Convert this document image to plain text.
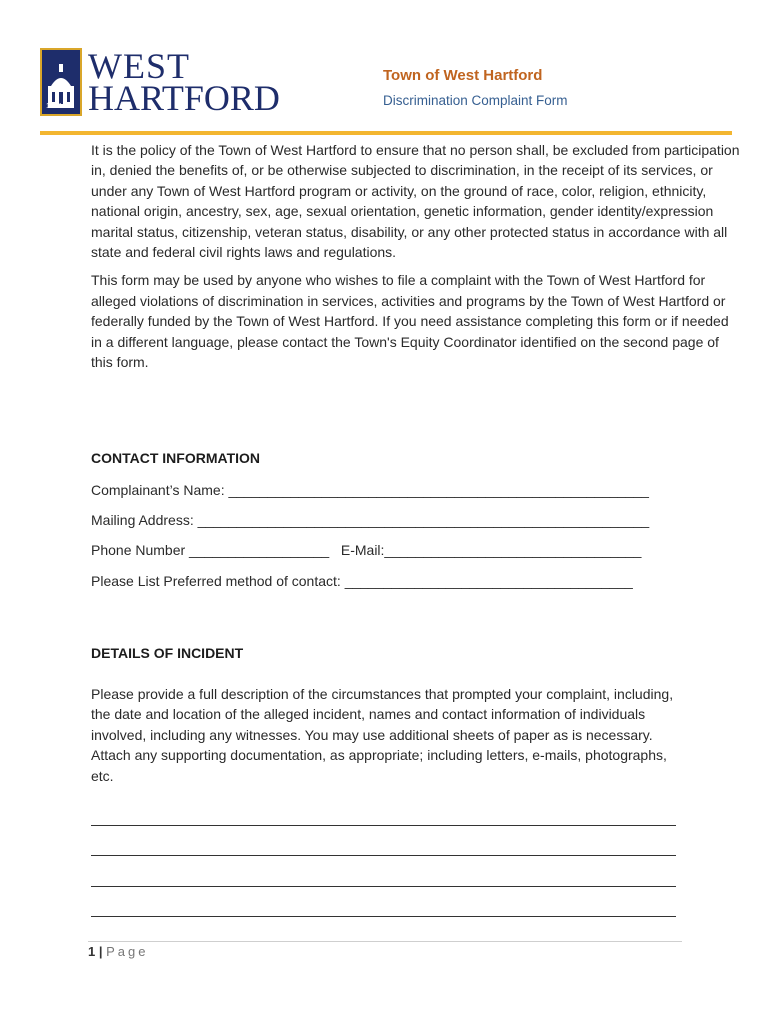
1854
WEST
HARTFORD
Town of West Hartford
Discrimination Complaint Form

It is the policy of the Town of West Hartford to ensure that no person shall, be excluded from participation in, denied the benefits of, or be otherwise subjected to discrimination, in the receipt of its services, or under any Town of West Hartford program or activity, on the ground of race, color, religion, ethnicity, national origin, ancestry, sex, age, sexual orientation, genetic information, gender identity/expression marital status, citizenship, veteran status, disability, or any other protected status in accordance with all state and federal civil rights laws and regulations.

This form may be used by anyone who wishes to file a complaint with the Town of West Hartford for alleged violations of discrimination in services, activities and programs by the Town of West Hartford or federally funded by the Town of West Hartford. If you need assistance completing this form or if needed in a different language, please contact the Town's Equity Coordinator identified on the second page of this form.

CONTACT INFORMATION
Complainant’s Name: ______________________________________________________
Mailing Address: __________________________________________________________
Phone Number __________________   E-Mail:_________________________________
Please List Preferred method of contact: _____________________________________
DETAILS OF INCIDENT

Please provide a full description of the circumstances that prompted your complaint, including, the date and location of the alleged incident, names and contact information of individuals involved, including any witnesses. You may use additional sheets of paper as is necessary. Attach any supporting documentation, as appropriate; including letters, e-mails, photographs, etc.

1 | Page
